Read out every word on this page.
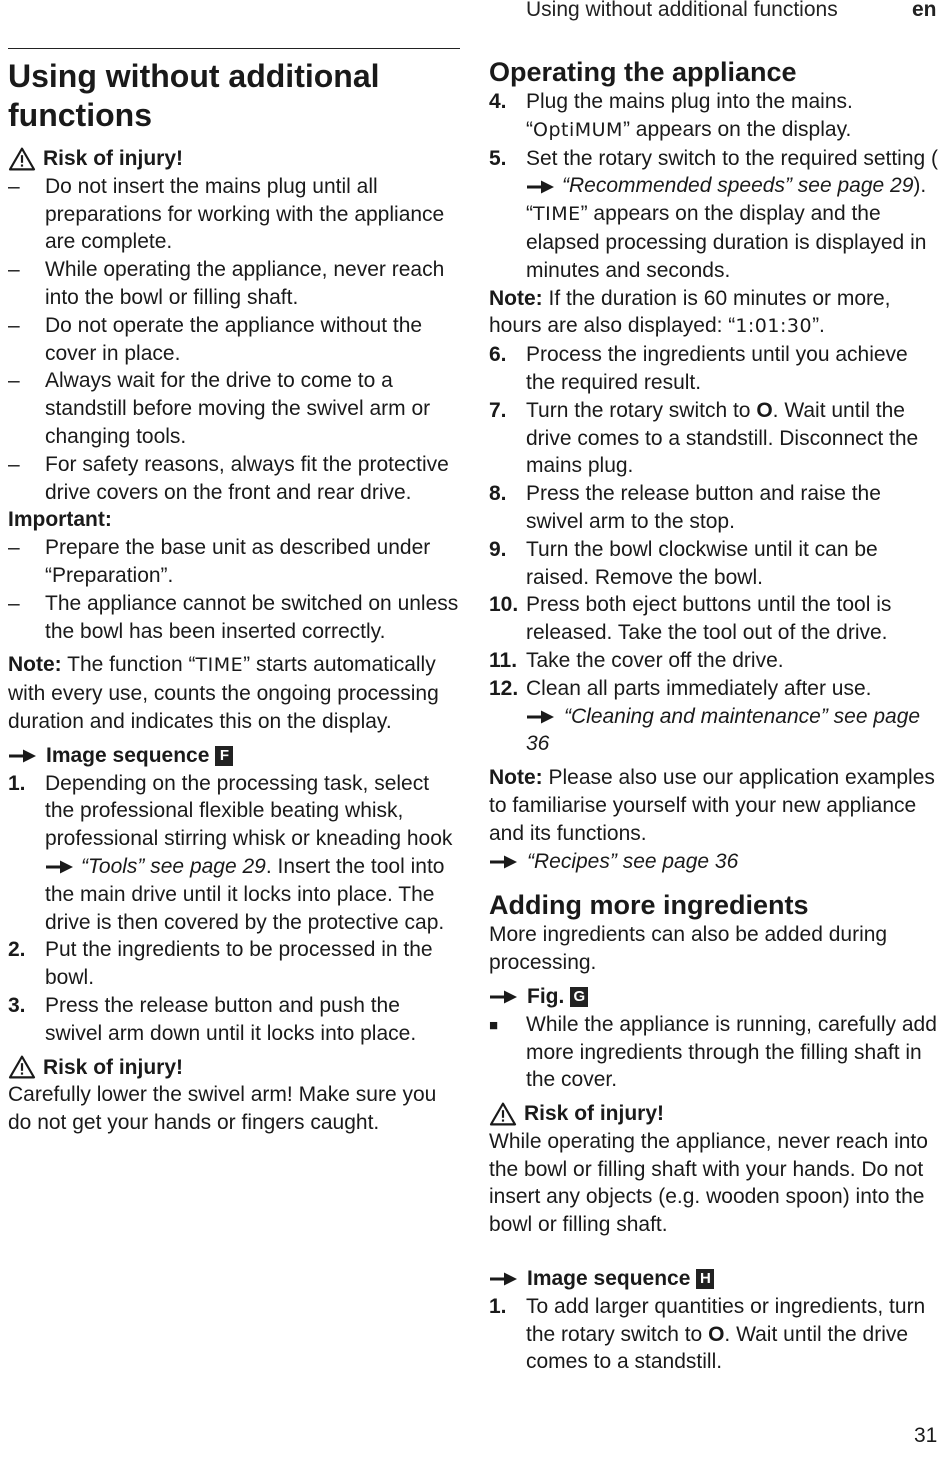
Using without additional functions	en
Using without additional functions
Risk of injury!
–	Do not insert the mains plug until all preparations for working with the appliance are complete.
–	While operating the appliance, never reach into the bowl or filling shaft.
–	Do not operate the appliance without the cover in place.
–	Always wait for the drive to come to a standstill before moving the swivel arm or changing tools.
–	For safety reasons, always fit the protective drive covers on the front and rear drive.

Important:

–	Prepare the base unit as described under “Preparation”.
–	The appliance cannot be switched on unless the bowl has been inserted correctly.

Note: The function “TIME” starts automatically with every use, counts the ongoing processing duration and indicates this on the display.

Image sequence F
1. Depending on the processing task, select the professional flexible beating whisk, professional stirring whisk or kneading hook “Tools” see page 29. Insert the tool into the main drive until it locks into place. The drive is then covered by the protective cap.
2. Put the ingredients to be processed in the bowl.
3. Press the release button and push the swivel arm down until it locks into place.
Risk of injury!

Carefully lower the swivel arm! Make sure you do not get your hands or fingers caught.

Operating the appliance
4. Plug the mains plug into the mains.
“OptiMUM” appears on the display.
5. Set the rotary switch to the required setting (“Recommended speeds” see page 29). “TIME” appears on the display and the elapsed processing duration is displayed in minutes and seconds.

Note: If the duration is 60 minutes or more, hours are also displayed: “1:01:30”.

6. Process the ingredients until you achieve the required result.
7. Turn the rotary switch to O. Wait until the drive comes to a standstill. Disconnect the mains plug.
8. Press the release button and raise the swivel arm to the stop.
9. Turn the bowl clockwise until it can be raised. Remove the bowl.
10. Press both eject buttons until the tool is released. Take the tool out of the drive.
11. Take the cover off the drive.
12. Clean all parts immediately after use.
“Cleaning and maintenance” see page 36

Note: Please also use our application examples to familiarise yourself with your new appliance and its functions.
“Recipes” see page 36

Adding more ingredients

More ingredients can also be added during processing.

Fig. G
■	While the appliance is running, carefully add more ingredients through the filling shaft in the cover.
Risk of injury!

While operating the appliance, never reach into the bowl or filling shaft with your hands. Do not insert any objects (e.g. wooden spoon) into the bowl or filling shaft.

Image sequence H
1. To add larger quantities or ingredients, turn the rotary switch to O. Wait until the drive comes to a standstill.
31
